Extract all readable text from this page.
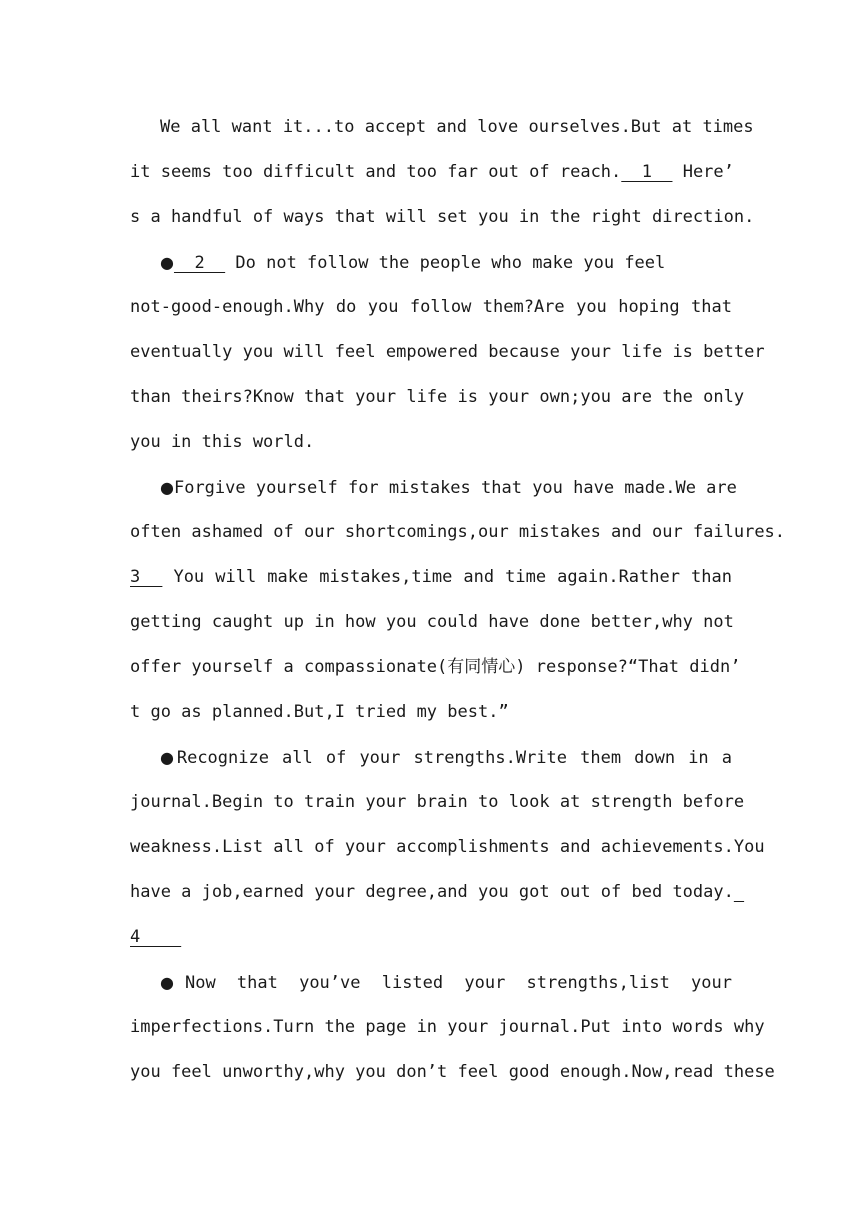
We all want it...to accept and love ourselves.But at times
it seems too difficult and too far out of reach.  1   Here’
s a handful of ways that will set you in the right direction.
●  2   Do not follow the people who make you feel
not-good-enough.Why do you follow them?Are you hoping that
eventually you will feel empowered because your life is better
than theirs?Know that your life is your own;you are the only
you in this world.
●Forgive yourself for mistakes that you have made.We are
often ashamed of our shortcomings,our mistakes and our failures.
3   You will make mistakes,time and time again.Rather than
getting caught up in how you could have done better,why not
offer yourself a compassionate(有同情心) response?“That didn’
t go as planned.But,I tried my best.”
●Recognize all of your strengths.Write them down in a
journal.Begin to train your brain to look at strength before
weakness.List all of your accomplishments and achievements.You
have a job,earned your degree,and you got out of bed today.
4
●Now that you’ve listed your strengths,list your
imperfections.Turn the page in your journal.Put into words why
you feel unworthy,why you don’t feel good enough.Now,read these
